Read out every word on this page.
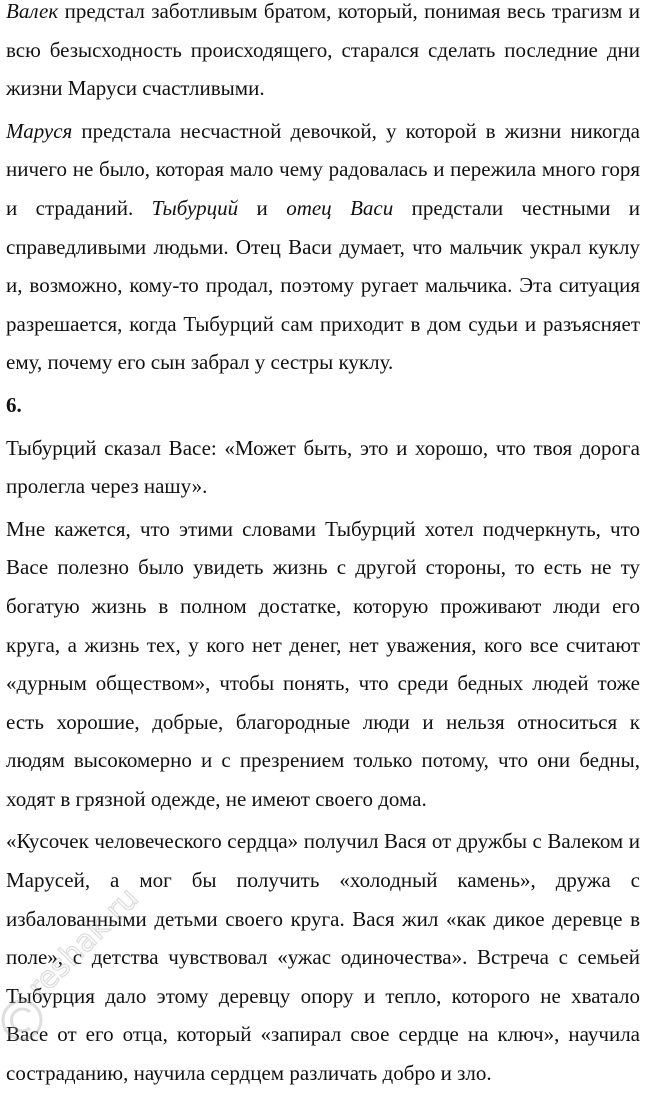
Валек предстал заботливым братом, который, понимая весь трагизм и всю безысходность происходящего, старался сделать последние дни жизни Маруси счастливыми.

Маруся предстала несчастной девочкой, у которой в жизни никогда ничего не было, которая мало чему радовалась и пережила много горя и страданий. Тыбурций и отец Васи предстали честными и справедливыми людьми. Отец Васи думает, что мальчик украл куклу и, возможно, кому-то продал, поэтому ругает мальчика. Эта ситуация разрешается, когда Тыбурций сам приходит в дом судьи и разъясняет ему, почему его сын забрал у сестры куклу.

6.

Тыбурций сказал Васе: «Может быть, это и хорошо, что твоя дорога пролегла через нашу».

Мне кажется, что этими словами Тыбурций хотел подчеркнуть, что Васе полезно было увидеть жизнь с другой стороны, то есть не ту богатую жизнь в полном достатке, которую проживают люди его круга, а жизнь тех, у кого нет денег, нет уважения, кого все считают «дурным обществом», чтобы понять, что среди бедных людей тоже есть хорошие, добрые, благородные люди и нельзя относиться к людям высокомерно и с презрением только потому, что они бедны, ходят в грязной одежде, не имеют своего дома.

«Кусочек человеческого сердца» получил Вася от дружбы с Валеком и Марусей, а мог бы получить «холодный камень», дружа с избалованными детьми своего круга. Вася жил «как дикое деревце в поле», с детства чувствовал «ужас одиночества». Встреча с семьей Тыбурция дало этому деревцу опору и тепло, которого не хватало Васе от его отца, который «запирал свое сердце на ключ», научила состраданию, научила сердцем различать добро и зло.

reshak.ru
